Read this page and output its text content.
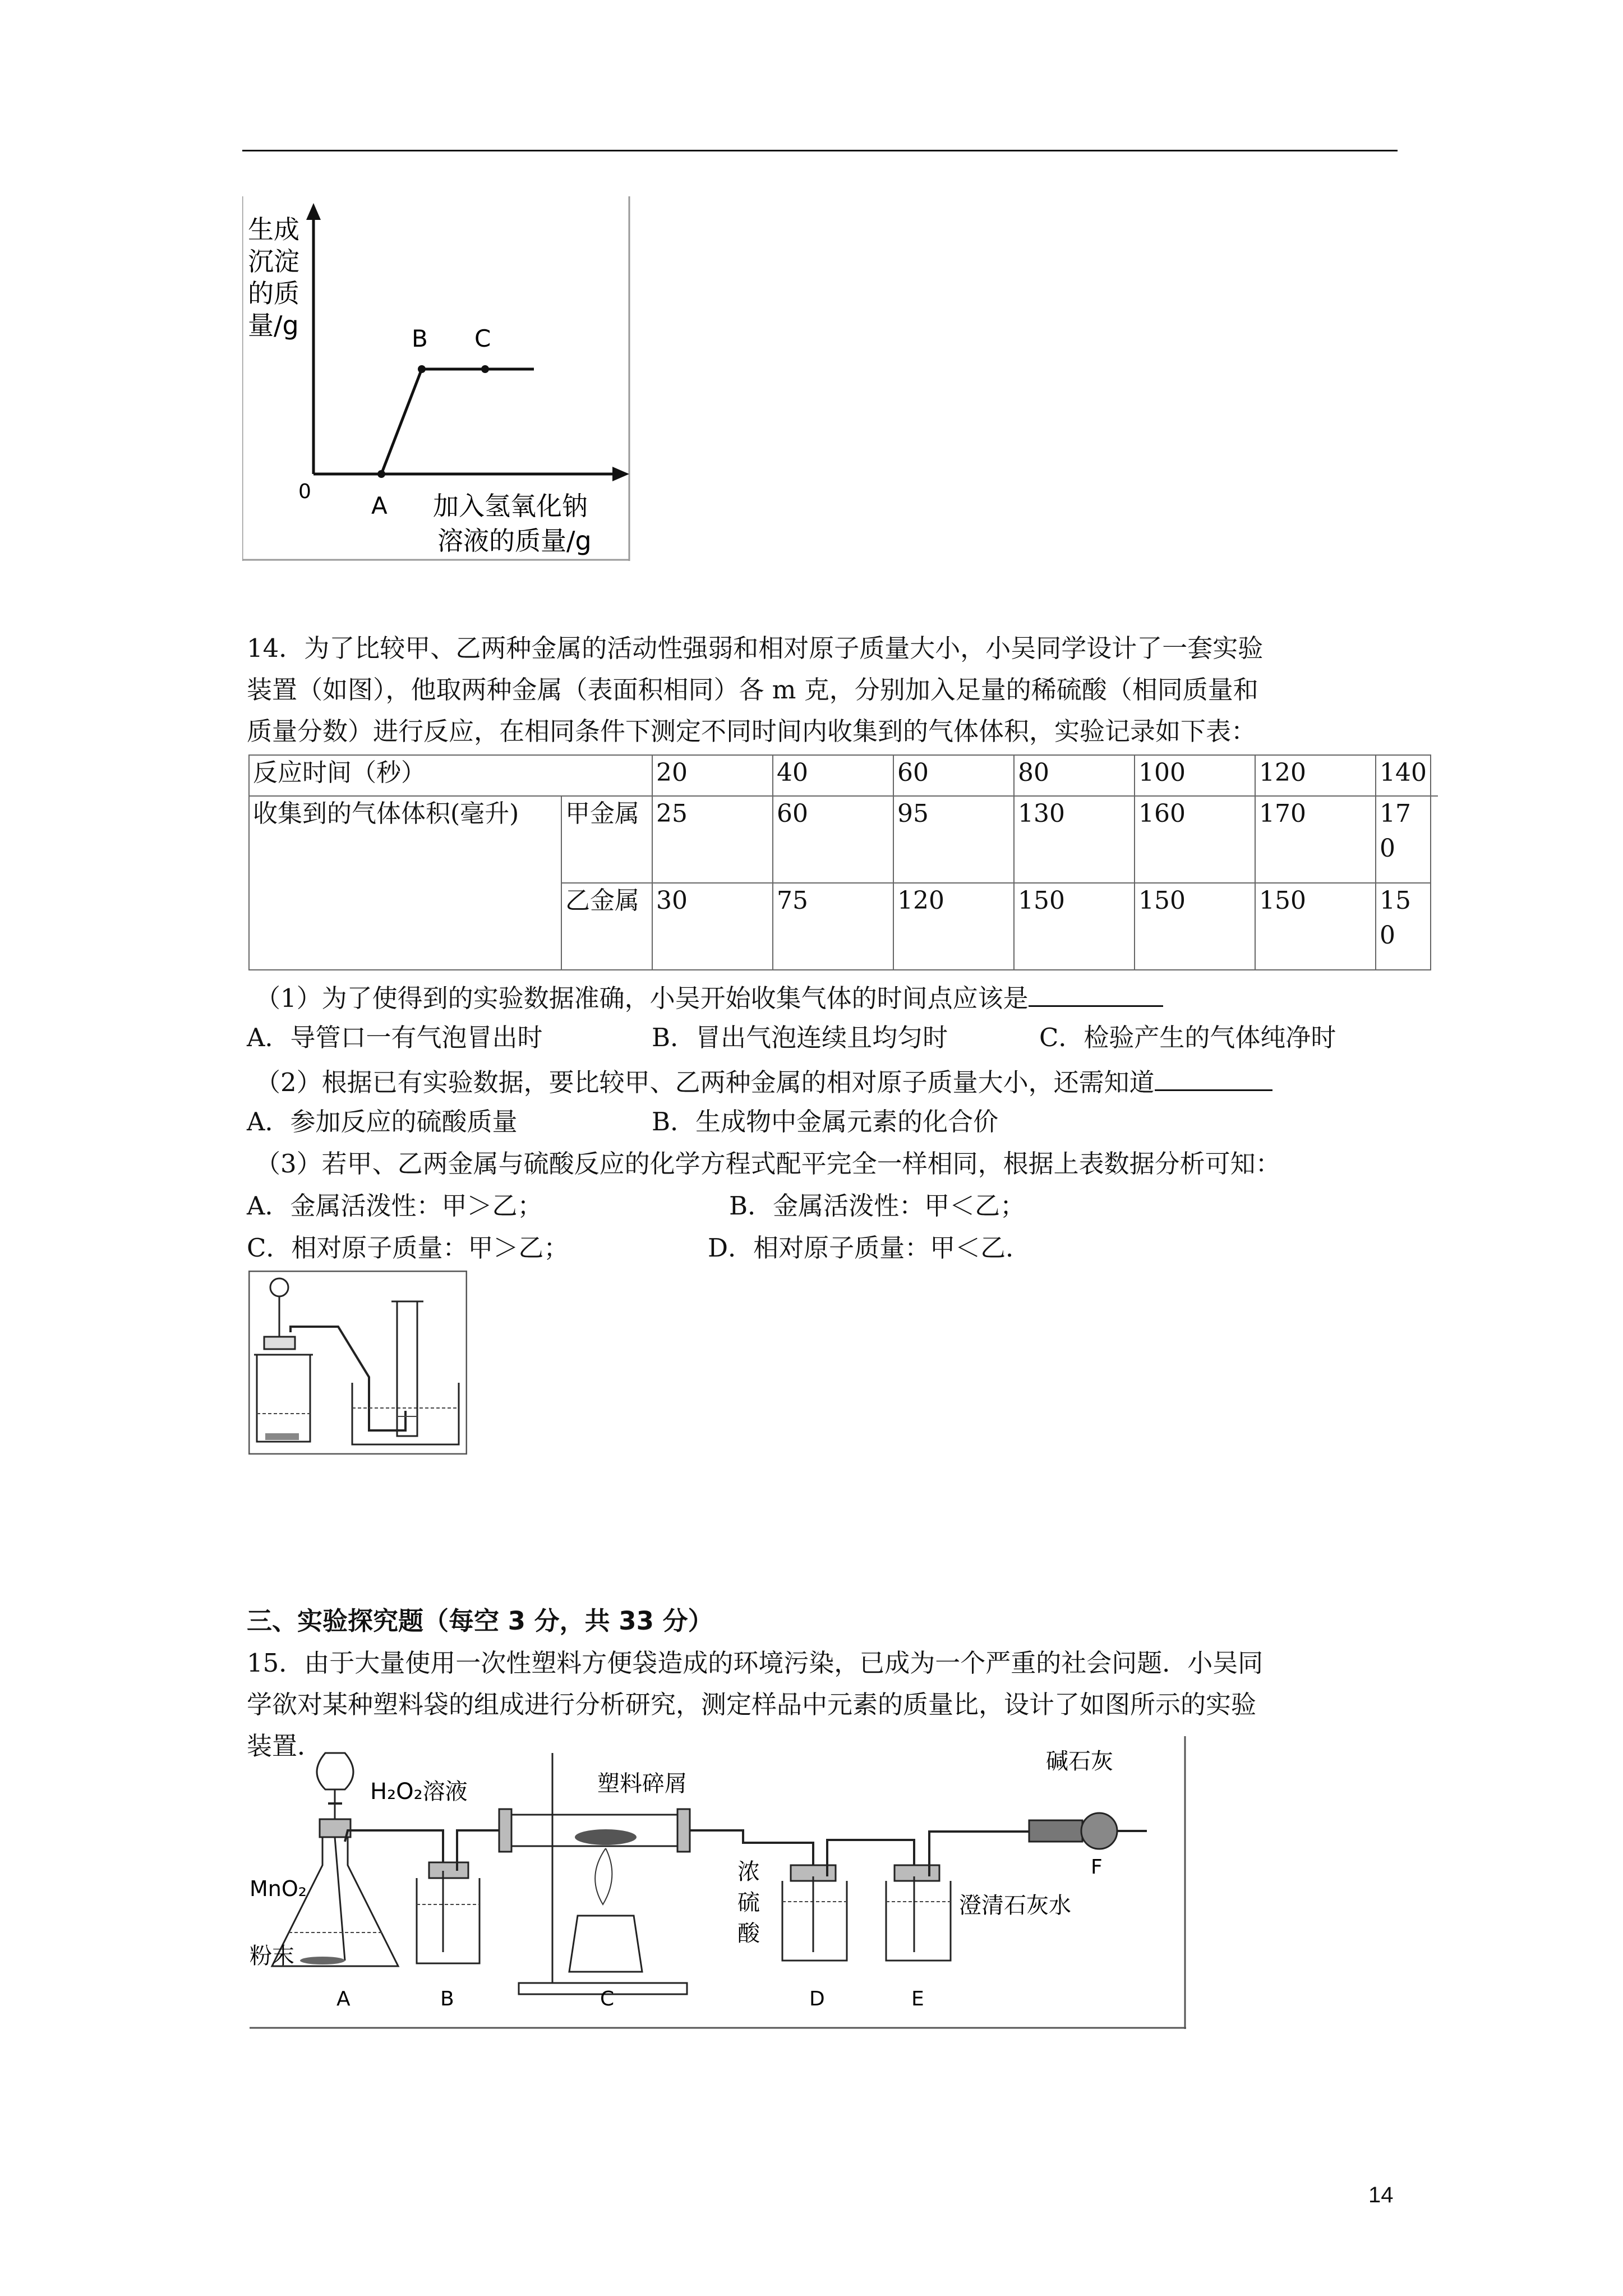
生成
沉淀
的质
量/g
0
A
B C
加入氢氧化钠
溶液的质量/g
14．为了比较甲、乙两种金属的活动性强弱和相对原子质量大小，小吴同学设计了一套实验
装置（如图），他取两种金属（表面积相同）各 m 克，分别加入足量的稀硫酸（相同质量和
质量分数）进行反应，在相同条件下测定不同时间内收集到的气体体积，实验记录如下表：
反应时间（秒）		20	40	60	80	100	120	140	
收集到的气体体积(毫升)	甲金属	25	60	95	130	160	170	17
0	

	乙金属	30	75	120	150	150	150	15
0	
（1）为了使得到的实验数据准确，小吴开始收集气体的时间点应该是
A．导管口一有气泡冒出时	B．冒出气泡连续且均匀时	C．检验产生的气体纯净时
（2）根据已有实验数据，要比较甲、乙两种金属的相对原子质量大小，还需知道
A．参加反应的硫酸质量	B．生成物中金属元素的化合价
（3）若甲、乙两金属与硫酸反应的化学方程式配平完全一样相同，根据上表数据分析可知：
A．金属活泼性：甲＞乙；	B．金属活泼性：甲＜乙；
C．相对原子质量：甲＞乙；	D．相对原子质量：甲＜乙．
三、实验探究题（每空 3 分，共 33 分）
15．由于大量使用一次性塑料方便袋造成的环境污染，已成为一个严重的社会问题．小吴同
学欲对某种塑料袋的组成进行分析研究，测定样品中元素的质量比，设计了如图所示的实验
装置．
H₂O₂溶液	塑料碎屑
碱石灰
MnO₂
粉末
浓
硫
酸
澄清石灰水
A	B	C	D	E
F
14
